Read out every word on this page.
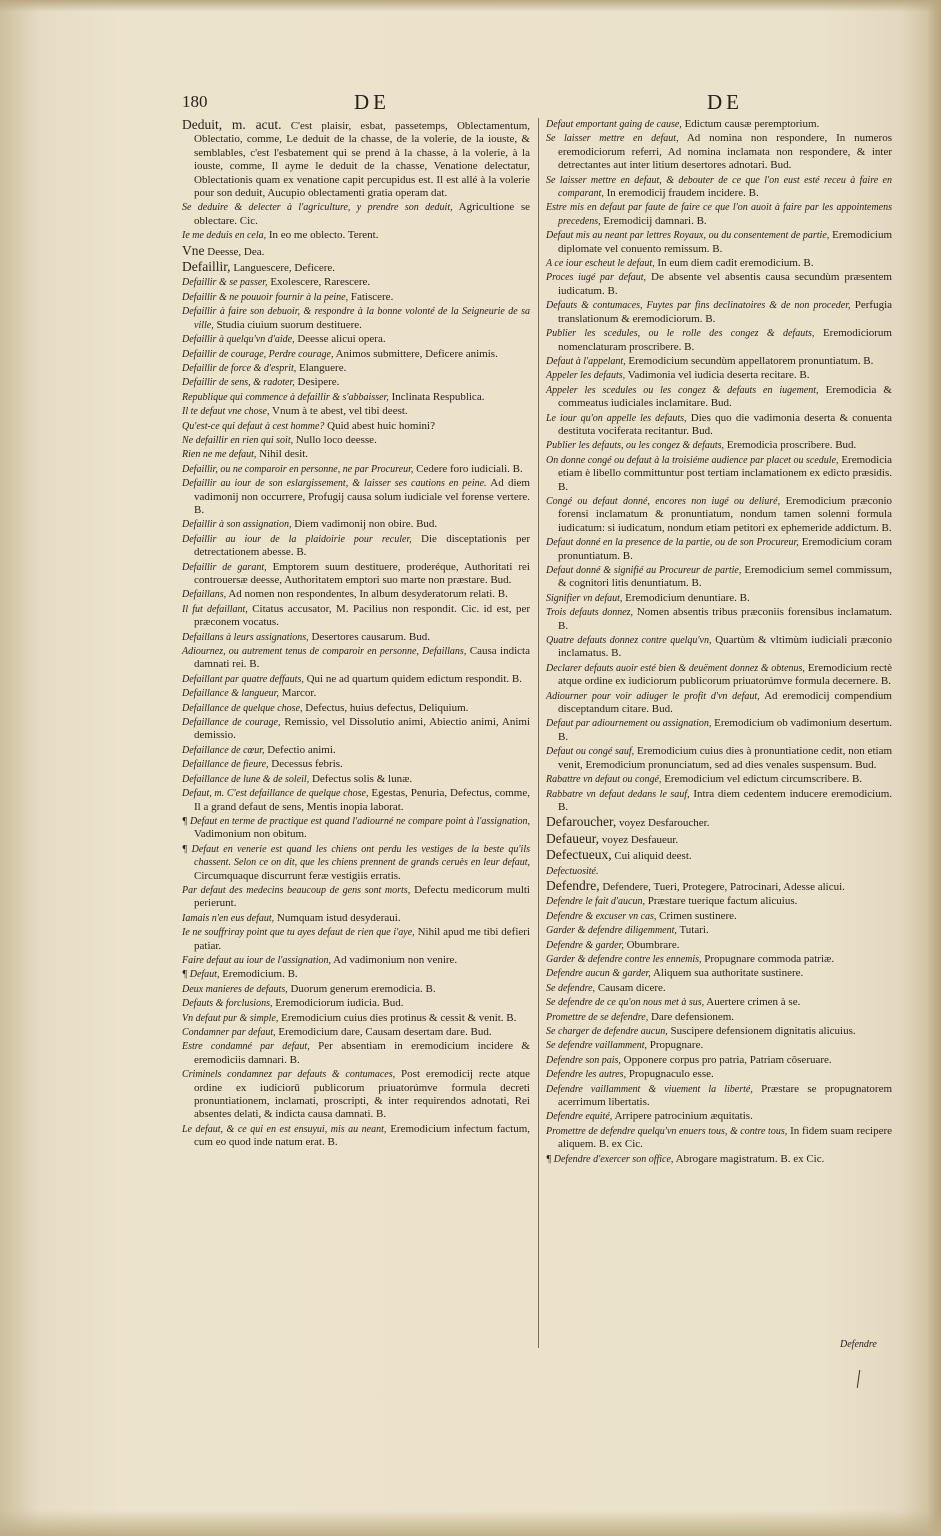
180	DE	DE

Deduit, m. acut. C'est plaisir, esbat, passetemps, Oblectamentum, Oblectatio, comme, Le deduit de la chasse, de la volerie, de la iouste, & semblables, c'est l'esbatement qui se prend à la chasse, à la volerie, à la iouste, comme, Il ayme le deduit de la chasse, Venatione delectatur, Oblectationis quam ex venatione capit percupidus est. Il est allé à la volerie pour son deduit, Aucupio oblectamenti gratia operam dat.

Se deduire & delecter à l'agriculture, y prendre son deduit, Agricultione se oblectare. Cic.

Ie me deduis en cela, In eo me oblecto. Terent.

Vne Deesse, Dea.

Defaillir, Languescere, Deficere.

Defaillir & se passer, Exolescere, Rarescere.

Defaillir & ne pouuoir fournir à la peine, Fatiscere.

Defaillir à faire son debuoir, & respondre à la bonne volonté de la Seigneurie de sa ville, Studia ciuium suorum destituere.

Defaillir à quelqu'vn d'aide, Deesse alicui opera.

Defaillir de courage, Perdre courage, Animos submittere, Deficere animis.

Defaillir de force & d'esprit, Elanguere.

Defaillir de sens, & radoter, Desipere.

Republique qui commence à defaillir & s'abbaisser, Inclinata Respublica.

Il te defaut vne chose, Vnum à te abest, vel tibi deest.

Qu'est-ce qui defaut à cest homme? Quid abest huic homini?

Ne defaillir en rien qui soit, Nullo loco deesse.

Rien ne me defaut, Nihil desit.

Defaillir, ou ne comparoir en personne, ne par Procureur, Cedere foro iudiciali. B.

Defaillir au iour de son eslargissement, & laisser ses cautions en peine. Ad diem vadimonij non occurrere, Profugij causa solum iudiciale vel forense vertere. B.

Defaillir à son assignation, Diem vadimonij non obire. Bud.

Defaillir au iour de la plaidoirie pour reculer, Die disceptationis per detrectationem abesse. B.

Defaillir de garant, Emptorem suum destituere, proderéque, Authoritati rei controuersæ deesse, Authoritatem emptori suo marte non præstare. Bud.

Defaillans, Ad nomen non respondentes, In album desyderatorum relati. B.

Il fut defaillant, Citatus accusator, M. Pacilius non respondit. Cic. id est, per præconem vocatus.

Defaillans à leurs assignations, Desertores causarum. Bud.

Adiournez, ou autrement tenus de comparoir en personne, Defaillans, Causa indicta damnati rei. B.

Defaillant par quatre deffauts, Qui ne ad quartum quidem edictum respondit. B.

Defaillance & langueur, Marcor.

Defaillance de quelque chose, Defectus, huius defectus, Deliquium.

Defaillance de courage, Remissio, vel Dissolutio animi, Abiectio animi, Animi demissio.

Defaillance de cœur, Defectio animi.

Defaillance de fieure, Decessus febris.

Defaillance de lune & de soleil, Defectus solis & lunæ.

Defaut, m. C'est defaillance de quelque chose, Egestas, Penuria, Defectus, comme, Il a grand defaut de sens, Mentis inopia laborat.

¶ Defaut en terme de practique est quand l'adiourné ne compare point à l'assignation, Vadimonium non obitum.

¶ Defaut en venerie est quand les chiens ont perdu les vestiges de la beste qu'ils chassent. Selon ce on dit, que les chiens prennent de grands ceruès en leur defaut, Circumquaque discurrunt feræ vestigiis erratis.

Par defaut des medecins beaucoup de gens sont morts, Defectu medicorum multi perierunt.

Iamais n'en eus defaut, Numquam istud desyderaui.

Ie ne souffriray point que tu ayes defaut de rien que i'aye, Nihil apud me tibi defieri patiar.

Faire defaut au iour de l'assignation, Ad vadimonium non venire.

¶ Defaut, Eremodicium. B.

Deux manieres de defauts, Duorum generum eremodicia. B.

Defauts & forclusions, Eremodiciorum iudicia. Bud.

Vn defaut pur & simple, Eremodicium cuius dies protinus & cessit & venit. B.

Condamner par defaut, Eremodicium dare, Causam desertam dare. Bud.

Estre condamné par defaut, Per absentiam in eremodicium incidere & eremodiciis damnari. B.

Criminels condamnez par defauts & contumaces, Post eremodicij recte atque ordine ex iudiciorū publicorum priuatorúmve formula decreti pronuntiationem, inclamati, proscripti, & inter requirendos adnotati, Rei absentes delati, & indicta causa damnati. B.

Le defaut, & ce qui en est ensuyui, mis au neant, Eremodicium infectum factum, cum eo quod inde natum erat. B.

Defaut emportant gaing de cause, Edictum causæ peremptorium.

Se laisser mettre en defaut, Ad nomina non respondere, In numeros eremodiciorum referri, Ad nomina inclamata non respondere, & inter detrectantes aut inter litium desertores adnotari. Bud.

Se laisser mettre en defaut, & debouter de ce que l'on eust esté receu à faire en comparant, In eremodicij fraudem incidere. B.

Estre mis en defaut par faute de faire ce que l'on auoit à faire par les appointemens precedens, Eremodicij damnari. B.

Defaut mis au neant par lettres Royaux, ou du consentement de partie, Eremodicium diplomate vel conuento remissum. B.

A ce iour escheut le defaut, In eum diem cadit eremodicium. B.

Proces iugé par defaut, De absente vel absentis causa secundùm præsentem iudicatum. B.

Defauts & contumaces, Fuytes par fins declinatoires & de non proceder, Perfugia translationum & eremodiciorum. B.

Publier les scedules, ou le rolle des congez & defauts, Eremodiciorum nomenclaturam proscribere. B.

Defaut à l'appelant, Eremodicium secundùm appellatorem pronuntiatum. B.

Appeler les defauts, Vadimonia vel iudicia deserta recitare. B.

Appeler les scedules ou les congez & defauts en iugement, Eremodicia & commeatus iudiciales inclamitare. Bud.

Le iour qu'on appelle les defauts, Dies quo die vadimonia deserta & conuenta destituta vociferata recitantur. Bud.

Publier les defauts, ou les congez & defauts, Eremodicia proscribere. Bud.

On donne congé ou defaut à la troisiéme audience par placet ou scedule, Eremodicia etiam è libello committuntur post tertiam inclamationem ex edicto præsidis. B.

Congé ou defaut donné, encores non iugé ou deliuré, Eremodicium præconio forensi inclamatum & pronuntiatum, nondum tamen solenni formula iudicatum: si iudicatum, nondum etiam petitori ex ephemeride addictum. B.

Defaut donné en la presence de la partie, ou de son Procureur, Eremodicium coram pronuntiatum. B.

Defaut donné & signifié au Procureur de partie, Eremodicium semel commissum, & cognitori litis denuntiatum. B.

Signifier vn defaut, Eremodicium denuntiare. B.

Trois defauts donnez, Nomen absentis tribus præconiis forensibus inclamatum. B.

Quatre defauts donnez contre quelqu'vn, Quartùm & vltimùm iudiciali præconio inclamatus. B.

Declarer defauts auoir esté bien & deuëment donnez & obtenus, Eremodicium rectè atque ordine ex iudiciorum publicorum priuatorúmve formula decernere. B.

Adiourner pour voir adiuger le profit d'vn defaut, Ad eremodicij compendium disceptandum citare. Bud.

Defaut par adiournement ou assignation, Eremodicium ob vadimonium desertum. B.

Defaut ou congé sauf, Eremodicium cuius dies à pronuntiatione cedit, non etiam venit, Eremodicium pronunciatum, sed ad dies venales suspensum. Bud.

Rabattre vn defaut ou congé, Eremodicium vel edictum circumscribere. B.

Rabbatre vn defaut dedans le sauf, Intra diem cedentem inducere eremodicium. B.

Defaroucher, voyez Desfaroucher.

Defaueur, voyez Desfaueur.

Defectueux, Cui aliquid deest.

Defectuosité.

Defendre, Defendere, Tueri, Protegere, Patrocinari, Adesse alicui.

Defendre le fait d'aucun, Præstare tuerique factum alicuius.

Defendre & excuser vn cas, Crimen sustinere.

Garder & defendre diligemment, Tutari.

Defendre & garder, Obumbrare.

Garder & defendre contre les ennemis, Propugnare commoda patriæ.

Defendre aucun & garder, Aliquem sua authoritate sustinere.

Se defendre, Causam dicere.

Se defendre de ce qu'on nous met à sus, Auertere crimen à se.

Promettre de se defendre, Dare defensionem.

Se charger de defendre aucun, Suscipere defensionem dignitatis alicuius.

Se defendre vaillamment, Propugnare.

Defendre son pais, Opponere corpus pro patria, Patriam cōseruare.

Defendre les autres, Propugnaculo esse.

Defendre vaillamment & viuement la liberté, Præstare se propugnatorem acerrimum libertatis.

Defendre equité, Arripere patrocinium æquitatis.

Promettre de defendre quelqu'vn enuers tous, & contre tous, In fidem suam recipere aliquem. B. ex Cic.

¶ Defendre d'exercer son office, Abrogare magistratum. B. ex Cic.

Defendre
